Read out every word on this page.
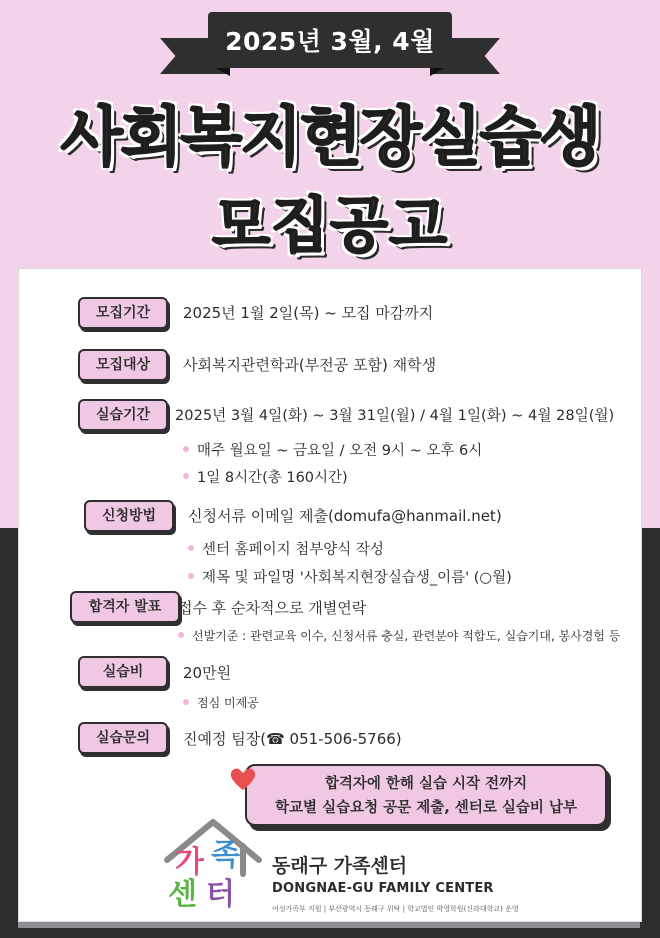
2025년 3월, 4월
사회복지현장실습생
모집공고
모집기간	2025년 1월 2일(목) ~ 모집 마감까지
모집대상	사회복지관련학과(부전공 포함) 재학생
실습기간	2025년 3월 4일(화) ~ 3월 31일(월) / 4월 1일(화) ~ 4월 28일(월)
매주 월요일 ~ 금요일 / 오전 9시 ~ 오후 6시
1일 8시간(총 160시간)
신청방법	신청서류 이메일 제출(domufa@hanmail.net)
센터 홈페이지 첨부양식 작성
제목 및 파일명 '사회복지현장실습생_이름' (○월)
합격자 발표	접수 후 순차적으로 개별연락
선발기준 : 관련교육 이수, 신청서류 충실, 관련분야 적합도, 실습기대, 봉사경험 등
실습비	20만원
점심 미제공
실습문의	진예정 팀장(☎ 051-506-5766)
합격자에 한해 실습 시작 전까지
학교별 실습요청 공문 제출, 센터로 실습비 납부
가 족
센 터
동래구 가족센터
DONGNAE-GU FAMILY CENTER
여성가족부 지원 | 부산광역시 동래구 위탁 | 학교법인 박영학원(신라대학교) 운영
